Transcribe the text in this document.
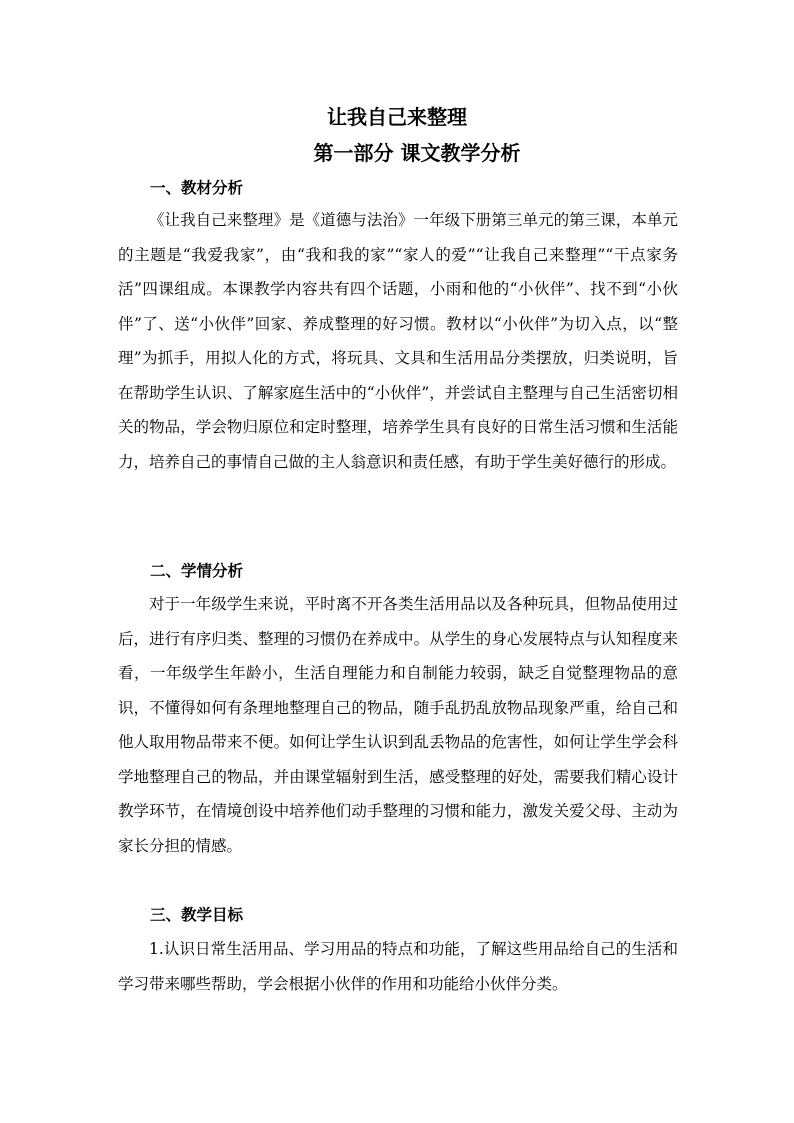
让我自己来整理
第一部分 课文教学分析
一、教材分析

《让我自己来整理》是《道德与法治》一年级下册第三单元的第三课，本单元的主题是“我爱我家”，由“我和我的家”“家人的爱”“让我自己来整理”“干点家务活”四课组成。本课教学内容共有四个话题，小雨和他的“小伙伴”、找不到“小伙伴”了、送“小伙伴”回家、养成整理的好习惯。教材以“小伙伴”为切入点，以“整理”为抓手，用拟人化的方式，将玩具、文具和生活用品分类摆放，归类说明，旨在帮助学生认识、了解家庭生活中的“小伙伴”，并尝试自主整理与自己生活密切相关的物品，学会物归原位和定时整理，培养学生具有良好的日常生活习惯和生活能力，培养自己的事情自己做的主人翁意识和责任感，有助于学生美好德行的形成。

二、学情分析

对于一年级学生来说，平时离不开各类生活用品以及各种玩具，但物品使用过后，进行有序归类、整理的习惯仍在养成中。从学生的身心发展特点与认知程度来看，一年级学生年龄小，生活自理能力和自制能力较弱，缺乏自觉整理物品的意识，不懂得如何有条理地整理自己的物品，随手乱扔乱放物品现象严重，给自己和他人取用物品带来不便。如何让学生认识到乱丢物品的危害性，如何让学生学会科学地整理自己的物品，并由课堂辐射到生活，感受整理的好处，需要我们精心设计教学环节，在情境创设中培养他们动手整理的习惯和能力，激发关爱父母、主动为家长分担的情感。

三、教学目标

1.认识日常生活用品、学习用品的特点和功能，了解这些用品给自己的生活和学习带来哪些帮助，学会根据小伙伴的作用和功能给小伙伴分类。
